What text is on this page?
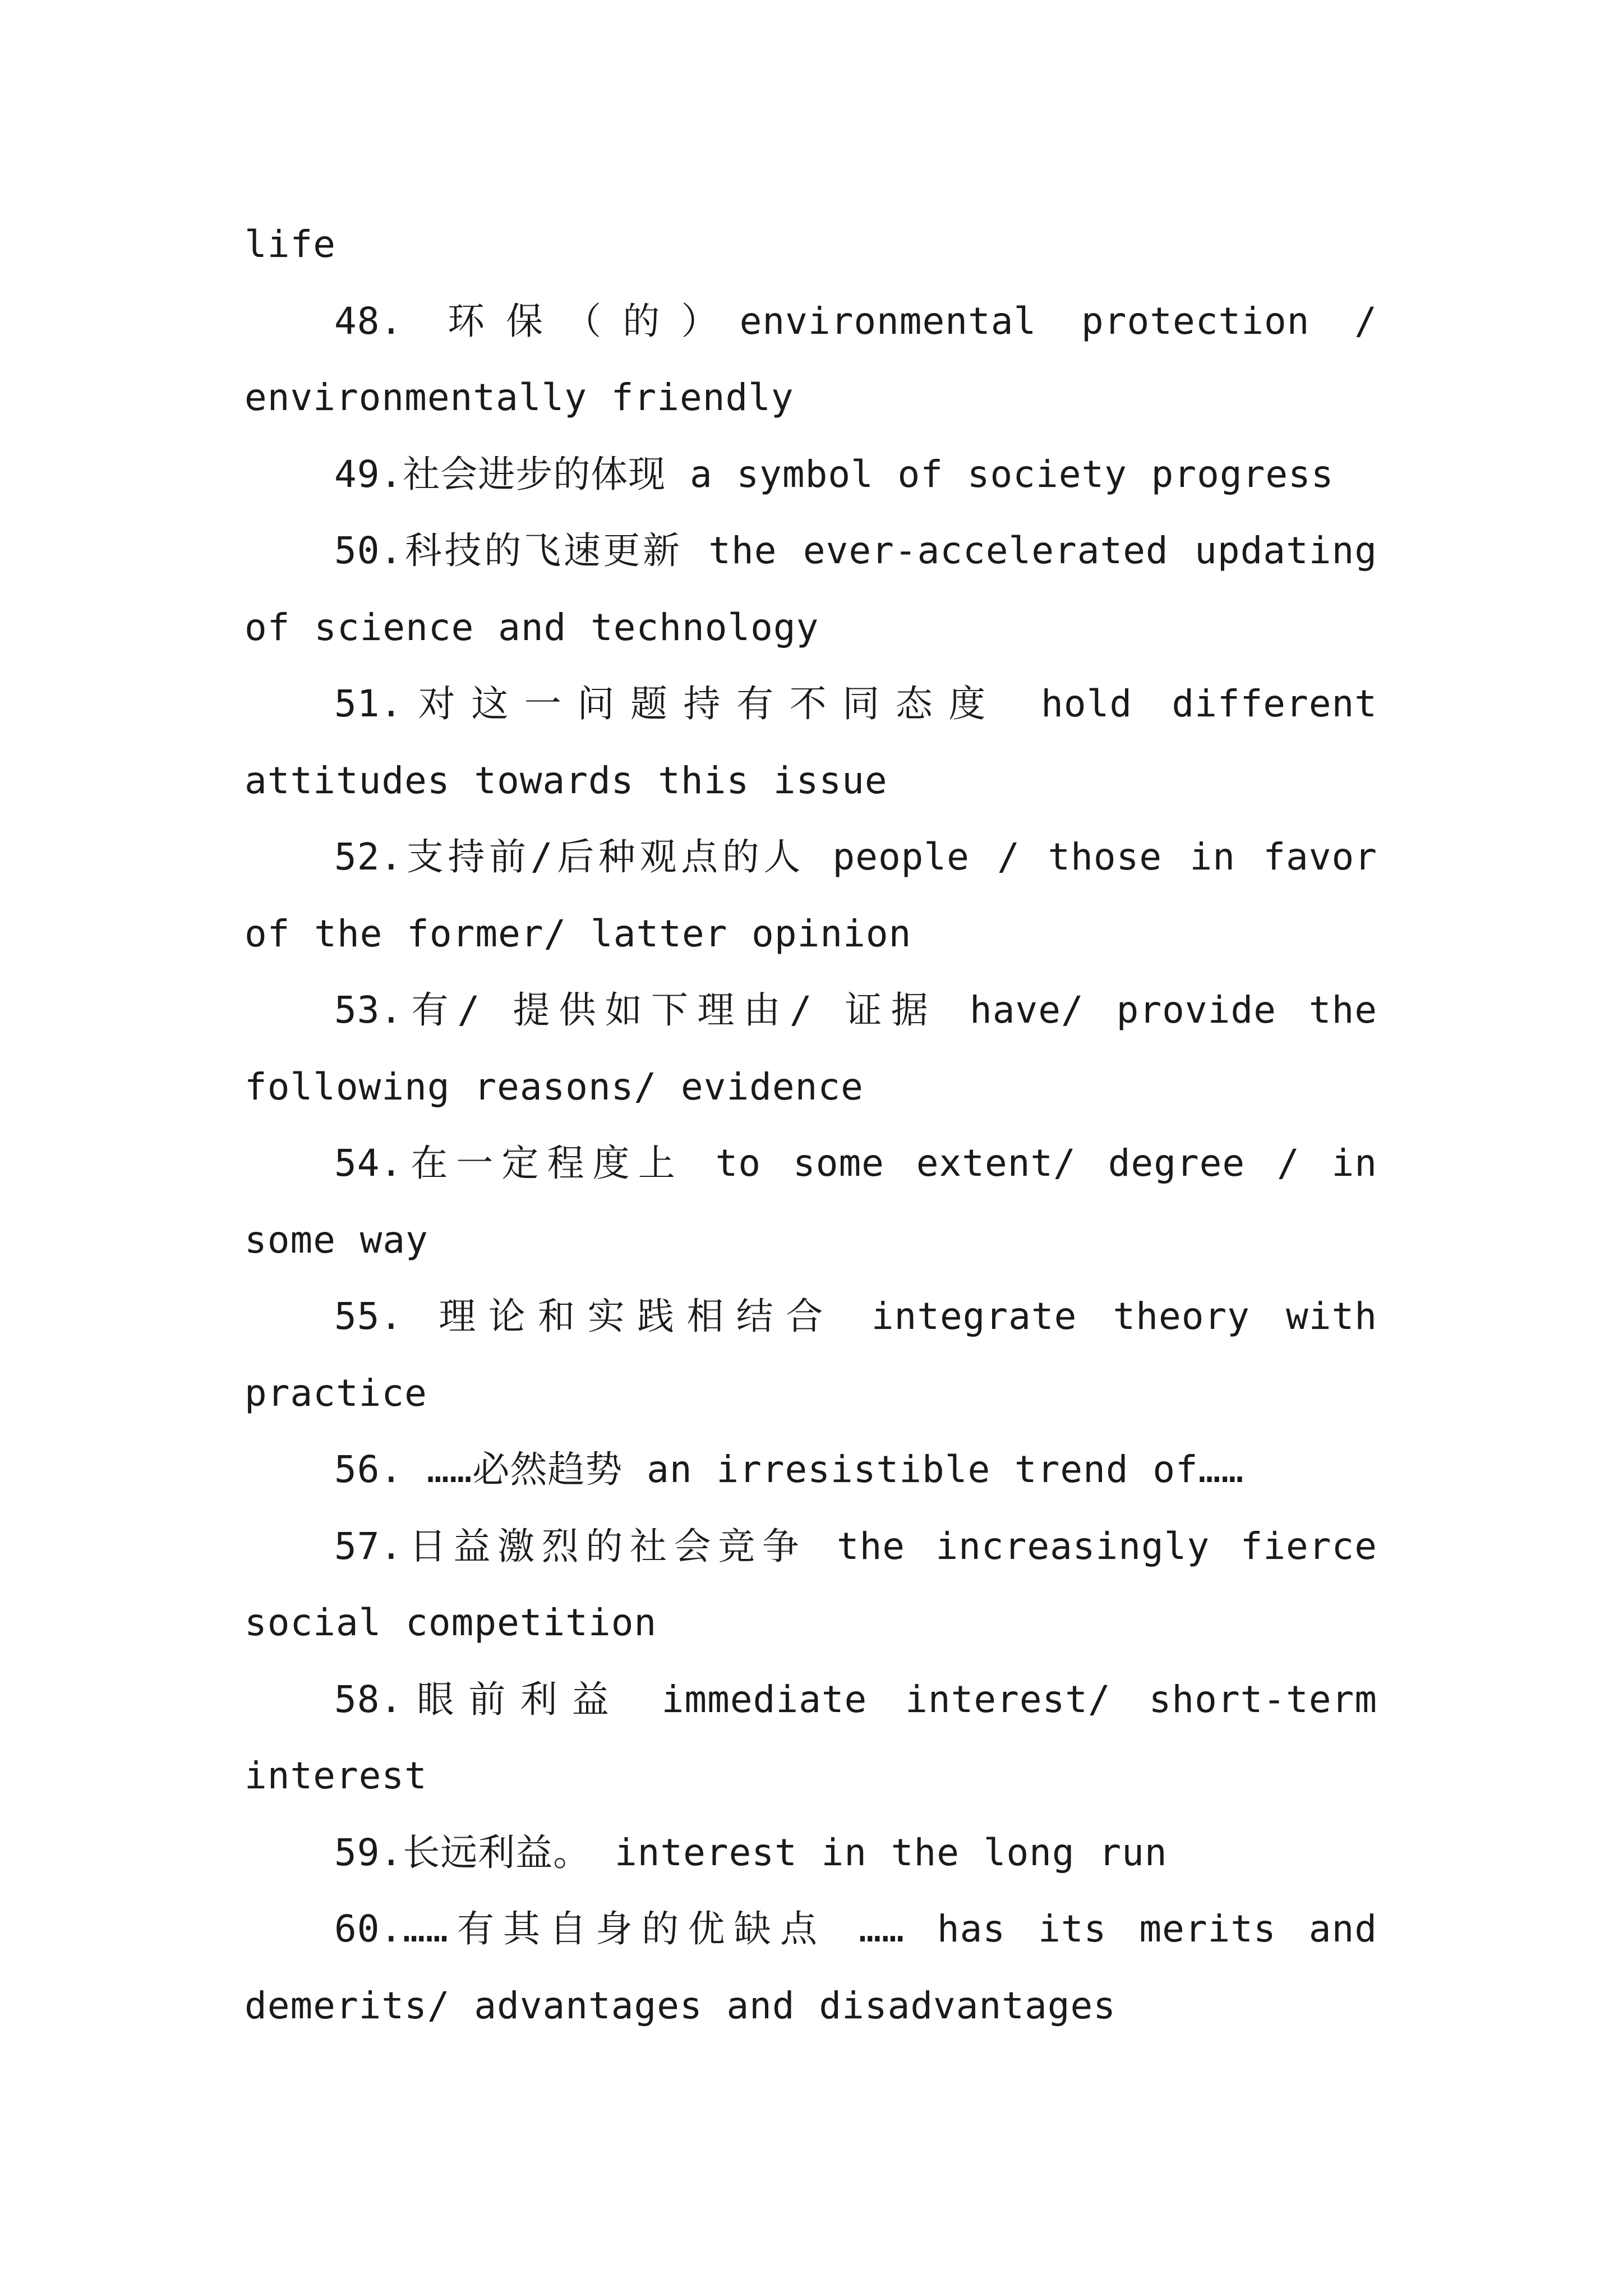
life

48. 环保（的）environmental protection / environmentally friendly

49.社会进步的体现 a symbol of society progress

50.科技的飞速更新 the ever-accelerated updating of science and technology

51.对这一问题持有不同态度 hold different attitudes towards this issue

52.支持前/后种观点的人 people / those in favor of the former/ latter opinion

53.有/ 提供如下理由/ 证据 have/ provide the following reasons/ evidence

54.在一定程度上 to some extent/ degree / in some way

55. 理论和实践相结合 integrate theory with practice

56. ……必然趋势 an irresistible trend of……

57.日益激烈的社会竞争 the increasingly fierce social competition

58.眼前利益 immediate interest/ short-term interest

59.长远利益。 interest in the long run

60.……有其自身的优缺点 …… has its merits and demerits/ advantages and disadvantages
